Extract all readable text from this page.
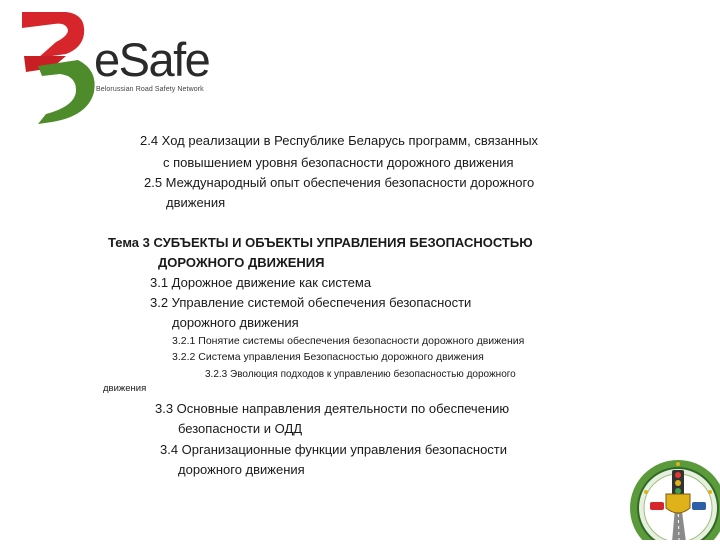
eSafe
Belorussian Road Safety Network
2.4 Ход реализации в Республике Беларусь программ, связанных
с повышением уровня безопасности дорожного движения
2.5 Международный опыт обеспечения безопасности дорожного
движения
Тема 3 СУБЪЕКТЫ И ОБЪЕКТЫ УПРАВЛЕНИЯ БЕЗОПАСНОСТЬЮ
ДОРОЖНОГО ДВИЖЕНИЯ
3.1 Дорожное движение как система
3.2 Управление системой обеспечения безопасности
дорожного движения
3.2.1 Понятие системы обеспечения безопасности дорожного движения
3.2.2 Система управления Безопасностью дорожного движения
3.2.3 Эволюция подходов к управлению безопасностью дорожного
движения
3.3 Основные направления деятельности по обеспечению
безопасности и ОДД
3.4 Организационные функции управления безопасности
дорожного движения
